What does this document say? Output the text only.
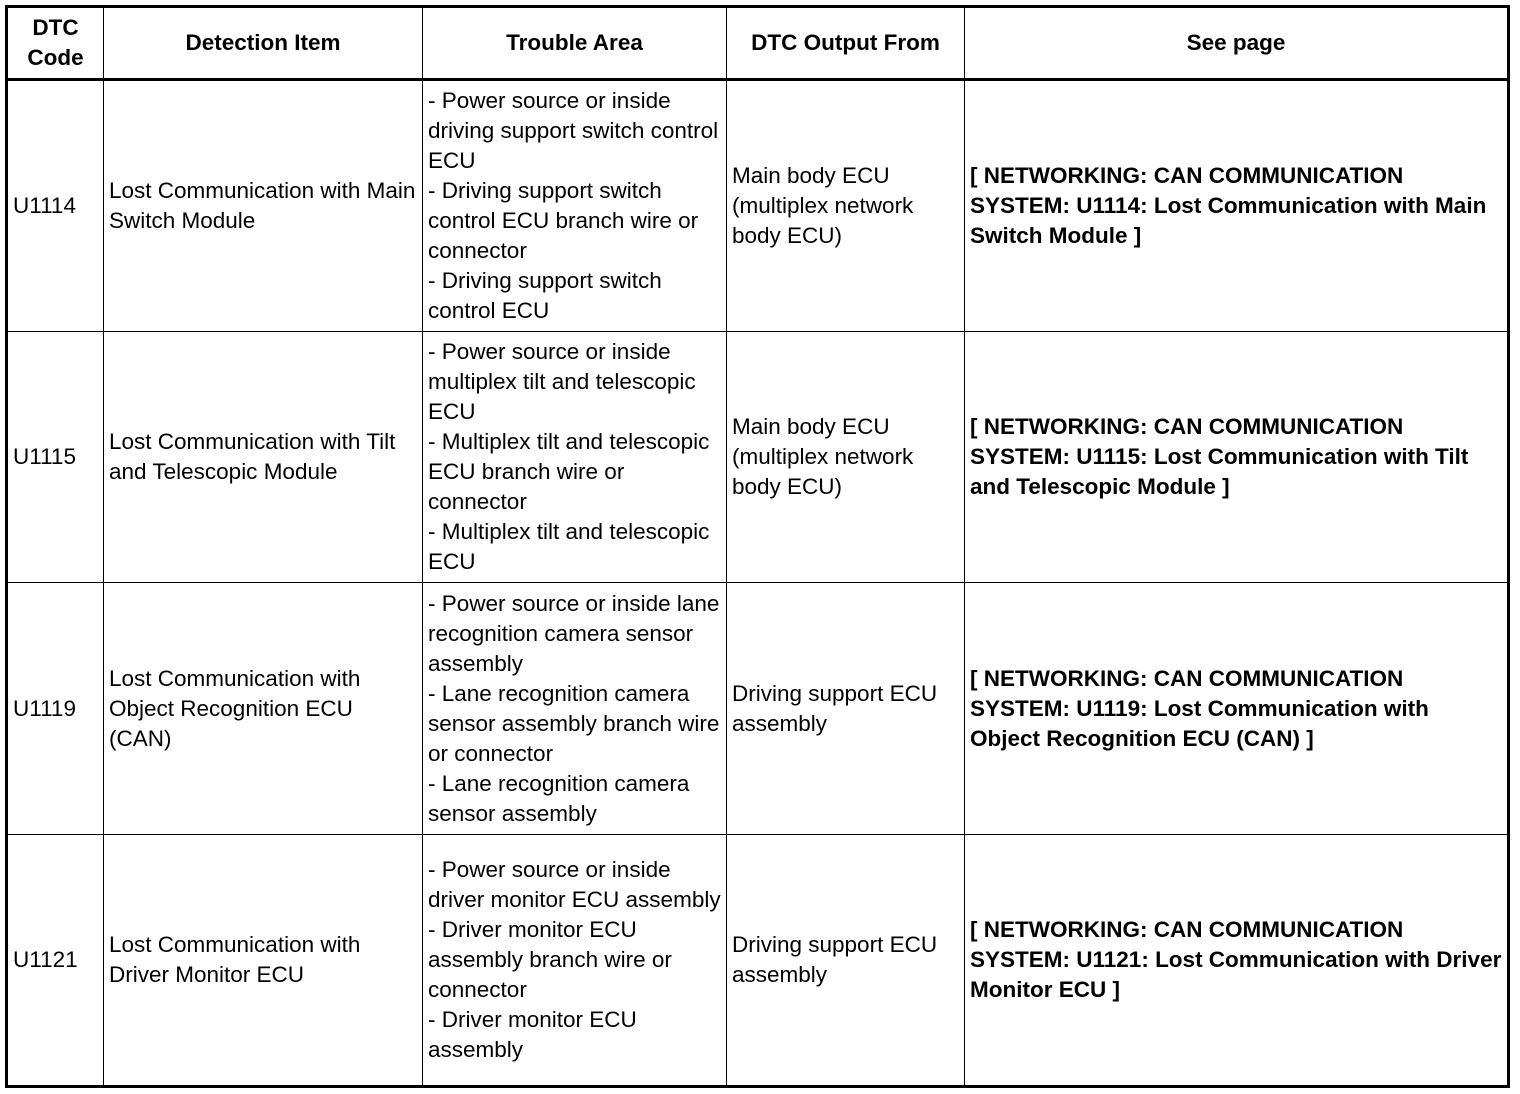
DTC
Code	Detection Item	Trouble Area	DTC Output From	See page
U1114	Lost Communication with Main Switch Module	- Power source or inside driving support switch control ECU
- Driving support switch control ECU branch wire or connector
- Driving support switch control ECU	Main body ECU (multiplex network body ECU)	[ NETWORKING: CAN COMMUNICATION SYSTEM: U1114: Lost Communication with Main Switch Module ]
U1115	Lost Communication with Tilt and Telescopic Module	- Power source or inside multiplex tilt and telescopic ECU
- Multiplex tilt and telescopic ECU branch wire or connector
- Multiplex tilt and telescopic ECU	Main body ECU (multiplex network body ECU)	[ NETWORKING: CAN COMMUNICATION SYSTEM: U1115: Lost Communication with Tilt and Telescopic Module ]
U1119	Lost Communication with Object Recognition ECU (CAN)	- Power source or inside lane recognition camera sensor assembly
- Lane recognition camera sensor assembly branch wire or connector
- Lane recognition camera sensor assembly	Driving support ECU assembly	[ NETWORKING: CAN COMMUNICATION SYSTEM: U1119: Lost Communication with Object Recognition ECU (CAN) ]
U1121	Lost Communication with Driver Monitor ECU	- Power source or inside driver monitor ECU assembly
- Driver monitor ECU assembly branch wire or connector
- Driver monitor ECU assembly	Driving support ECU assembly	[ NETWORKING: CAN COMMUNICATION SYSTEM: U1121: Lost Communication with Driver Monitor ECU ]
